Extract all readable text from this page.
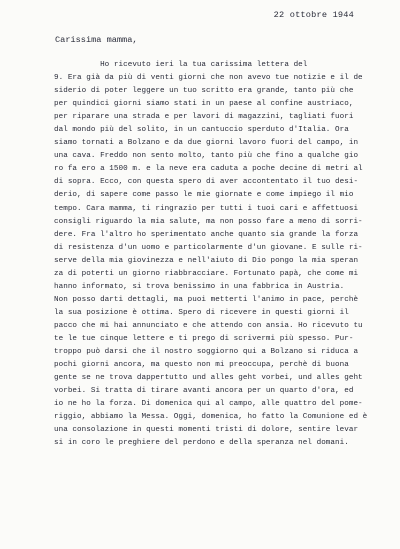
22 ottobre 1944
Carissima mamma,
Ho ricevuto ieri la tua carissima lettera del
9. Era già da più di venti giorni che non avevo tue notizie e il de
siderio di poter leggere un tuo scritto era grande, tanto più che
per quindici giorni siamo stati in un paese al confine austriaco,
per riparare una strada e per lavori di magazzini, tagliati fuori
dal mondo più del solito, in un cantuccio sperduto d'Italia. Ora
siamo tornati a Bolzano e da due giorni lavoro fuori del campo, in
una cava. Freddo non sento molto, tanto più che fino a qualche gio
ro fa ero a 1500 m. e la neve era caduta a poche decine di metri al
di sopra. Ecco, con questa spero di aver accontentato il tuo desi-
derio, di sapere come passo le mie giornate e come impiego il mio
tempo. Cara mamma, ti ringrazio per tutti i tuoi cari e affettuosi
consigli riguardo la mia salute, ma non posso fare a meno di sorri-
dere. Fra l'altro ho sperimentato anche quanto sia grande la forza
di resistenza d'un uomo e particolarmente d'un giovane. E sulle ri-
serve della mia giovinezza e nell'aiuto di Dio pongo la mia speran
za di poterti un giorno riabbracciare. Fortunato papà, che come mi
hanno informato, si trova benissimo in una fabbrica in Austria.
Non posso darti dettagli, ma puoi metterti l'animo in pace, perchè
la sua posizione è ottima. Spero di ricevere in questi giorni il
pacco che mi hai annunciato e che attendo con ansia. Ho ricevuto tu
te le tue cinque lettere e ti prego di scrivermi più spesso. Pur-
troppo può darsi che il nostro soggiorno qui a Bolzano si riduca a
pochi giorni ancora, ma questo non mi preoccupa, perchè di buona
gente se ne trova dappertutto und alles geht vorbei, und alles geht
vorbei. Si tratta di tirare avanti ancora per un quarto d'ora, ed
io ne ho la forza. Di domenica qui al campo, alle quattro del pome-
riggio, abbiamo la Messa. Oggi, domenica, ho fatto la Comunione ed è
una consolazione in questi momenti tristi di dolore, sentire levar
si in coro le preghiere del perdono e della speranza nel domani.
